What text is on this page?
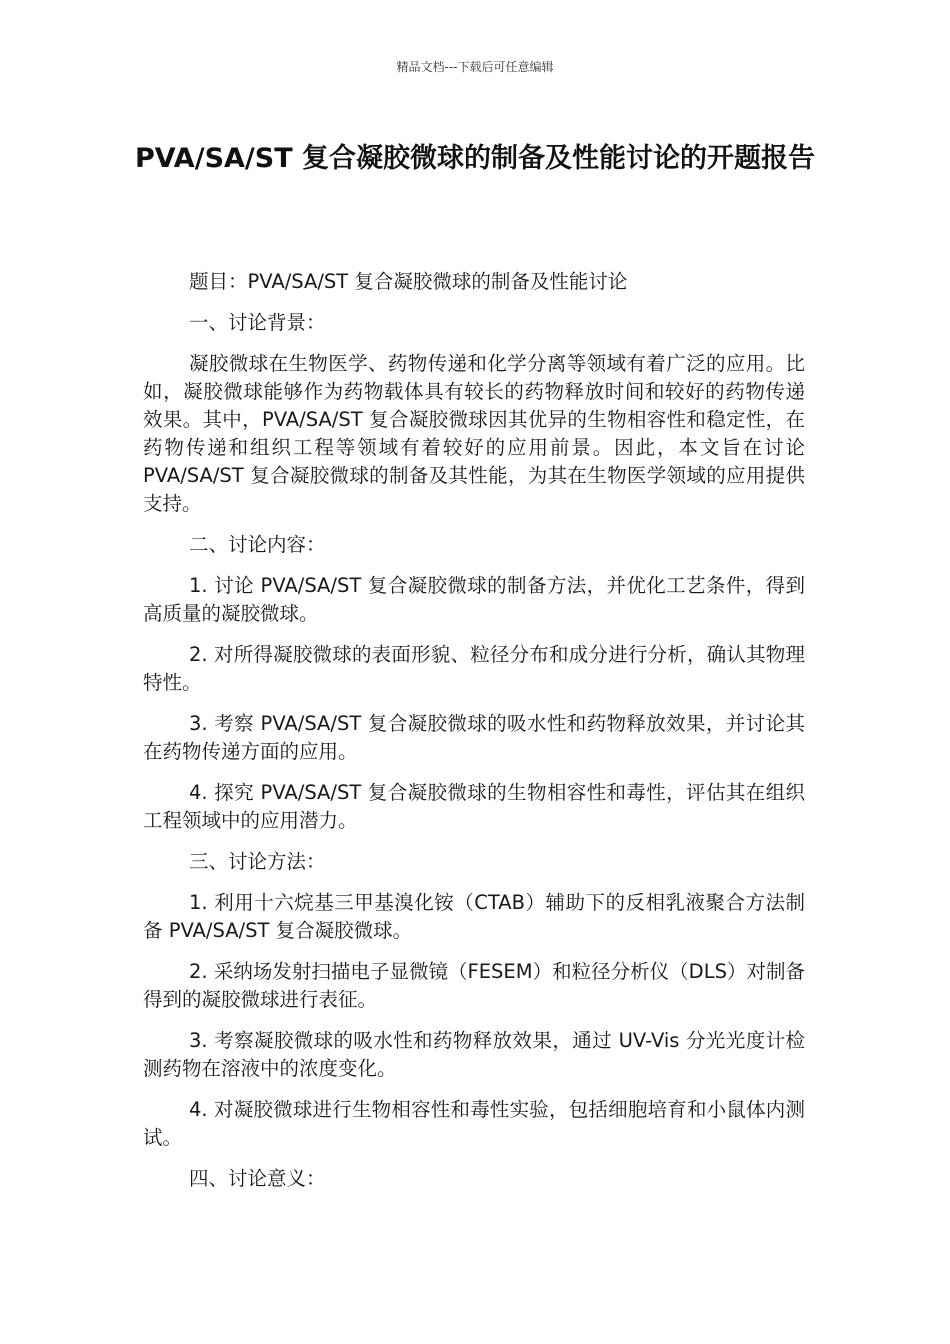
精品文档---下载后可任意编辑
PVA/SA/ST 复合凝胶微球的制备及性能讨论的开题报告

题目：PVA/SA/ST 复合凝胶微球的制备及性能讨论

一、讨论背景：

凝胶微球在生物医学、药物传递和化学分离等领域有着广泛的应用。比如，凝胶微球能够作为药物载体具有较长的药物释放时间和较好的药物传递效果。其中，PVA/SA/ST 复合凝胶微球因其优异的生物相容性和稳定性，在药物传递和组织工程等领域有着较好的应用前景。因此，本文旨在讨论 PVA/SA/ST 复合凝胶微球的制备及其性能，为其在生物医学领域的应用提供支持。

二、讨论内容：

1. 讨论 PVA/SA/ST 复合凝胶微球的制备方法，并优化工艺条件，得到高质量的凝胶微球。

2. 对所得凝胶微球的表面形貌、粒径分布和成分进行分析，确认其物理特性。

3. 考察 PVA/SA/ST 复合凝胶微球的吸水性和药物释放效果，并讨论其在药物传递方面的应用。

4. 探究 PVA/SA/ST 复合凝胶微球的生物相容性和毒性，评估其在组织工程领域中的应用潜力。

三、讨论方法：

1. 利用十六烷基三甲基溴化铵（CTAB）辅助下的反相乳液聚合方法制备 PVA/SA/ST 复合凝胶微球。

2. 采纳场发射扫描电子显微镜（FESEM）和粒径分析仪（DLS）对制备得到的凝胶微球进行表征。

3. 考察凝胶微球的吸水性和药物释放效果，通过 UV-Vis 分光光度计检测药物在溶液中的浓度变化。

4. 对凝胶微球进行生物相容性和毒性实验，包括细胞培育和小鼠体内测试。

四、讨论意义：
